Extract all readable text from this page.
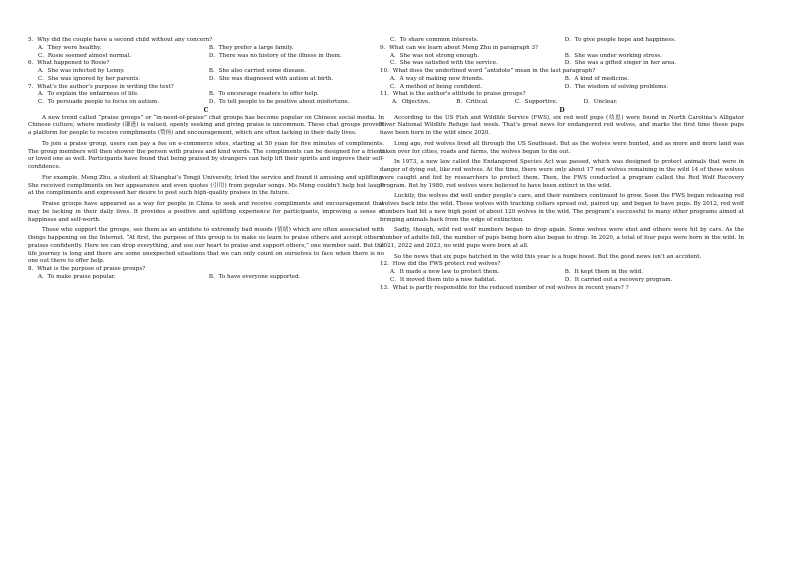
5．Why did the couple have a second child without any concern?
A．They were healthy.	B．They prefer a large family.
C．Rosie seemed almost normal.	D．There was no history of the illness in them.
6．What happened to Rosie?
A．She was infected by Lenny.	B．She also carried some disease.
C．She was ignored by her parents.	D．She was diagnosed with autism at birth.
7．What’s the author’s purpose in writing the text?
A．To explain the unfairness of life.	B．To encourage readers to offer help.
C．To persuade people to focus on autism.	D．To tell people to be positive about misfortune.
C

A new trend called “praise groups” or “in-need-of-praise” chat groups has become popular on Chinese social media. In Chinese culture, where modesty (谦逊) is valued, openly seeking and giving praise is uncommon. These chat groups provide a platform for people to receive compliments (赞扬) and encouragement, which are often lacking in their daily lives.

To join a praise group, users can pay a fee on e-commerce sites, starting at 50 yuan for five minutes of compliments. The group members will then shower the person with praises and kind words. The compliments can be designed for a friend or loved one as well. Participants have found that being praised by strangers can help lift their spirits and improve their self-confidence.

For example, Meng Zhu, a student at Shanghai’s Tongji University, tried the service and found it amusing and uplifting. She received compliments on her appearance and even quotes (引用) from popular songs. Ms Meng couldn’t help but laugh at the compliments and expressed her desire to post such high-quality praises in the future.

Praise groups have appeared as a way for people in China to seek and receive compliments and encouragement that may be lacking in their daily lives. It provides a positive and uplifting experience for participants, improving a sense of happiness and self-worth.

Those who support the groups, see them as an antidote to extremely bad moods (情绪) which are often associated with things happening on the Internet. “At first, the purpose of this group is to make us learn to praise others and accept others’ praises confidently. Here we can drop everything, and use our heart to praise and support others,” one member said. But the life journey is long and there are some unexpected situations that we can only count on ourselves to face when there is no one out there to offer help.

8．What is the purpose of praise groups?
A．To make praise popular.	B．To have everyone supported.
C．To share common interests.	D．To give people hope and happiness.
9．What can we learn about Meng Zhu in paragraph 3?
A．She was not strong enough.	B．She was under working stress.
C．She was satisfied with the service.	D．She was a gifted singer in her area.
10．What does the underlined word “antidote” mean in the last paragraph?
A．A way of making new friends.	B．A kind of medicine.
C．A method of being confident.	D．The wisdom of solving problems.
11．What is the author’s attitude to praise groups?
A．Objective.	B．Critical.	C．Supportive.	D．Unclear.
D

According to the US Fish and Wildlife Service (FWS), six red wolf pups (幼崽) were found in North Carolina’s Alligator River National Wildlife Refuge last week. That’s great news for endangered red wolves, and marks the first time these pups have been born in the wild since 2020.

Long ago, red wolves lived all through the US Southeast. But as the wolves were hunted, and as more and more land was taken over for cities, roads and farms, the wolves began to die out.

In 1973, a new law called the Endangered Species Act was passed, which was designed to protect animals that were in danger of dying out, like red wolves. At the time, there were only about 17 red wolves remaining in the wild 14 of those wolves were caught and fed by researchers to protect them. Then, the FWS conducted a program called the Red Wolf Recovery Program. But by 1980, red wolves were believed to have been extinct in the wild.

Luckily, the wolves did well under people’s care, and their numbers continued to grow. Soon the FWS began releasing red wolves back into the wild. Those wolves with tracking collars spread out, paired up, and began to have pups. By 2012, red wolf numbers had hit a new high point of about 120 wolves in the wild. The program’s successful to many other programs aimed at bringing animals back from the edge of extinction.

Sadly, though, wild red wolf numbers began to drop again. Some wolves were shot and others were hit by cars. As the number of adults fell, the number of pups being born also began to drop. In 2020, a total of four pups were born in the wild. In 2021, 2022 and 2023, no wild pups were born at all.

So the news that six pups hatched in the wild this year is a huge boost. But the good news isn’t an accident.

12．How did the FWS protect red wolves?
A．It made a new law to protect them.	B．It kept them in the wild.
C．It moved them into a new habitat.	D．It carried out a recovery program.
13．What is partly responsible for the reduced number of red wolves in recent years? ?
